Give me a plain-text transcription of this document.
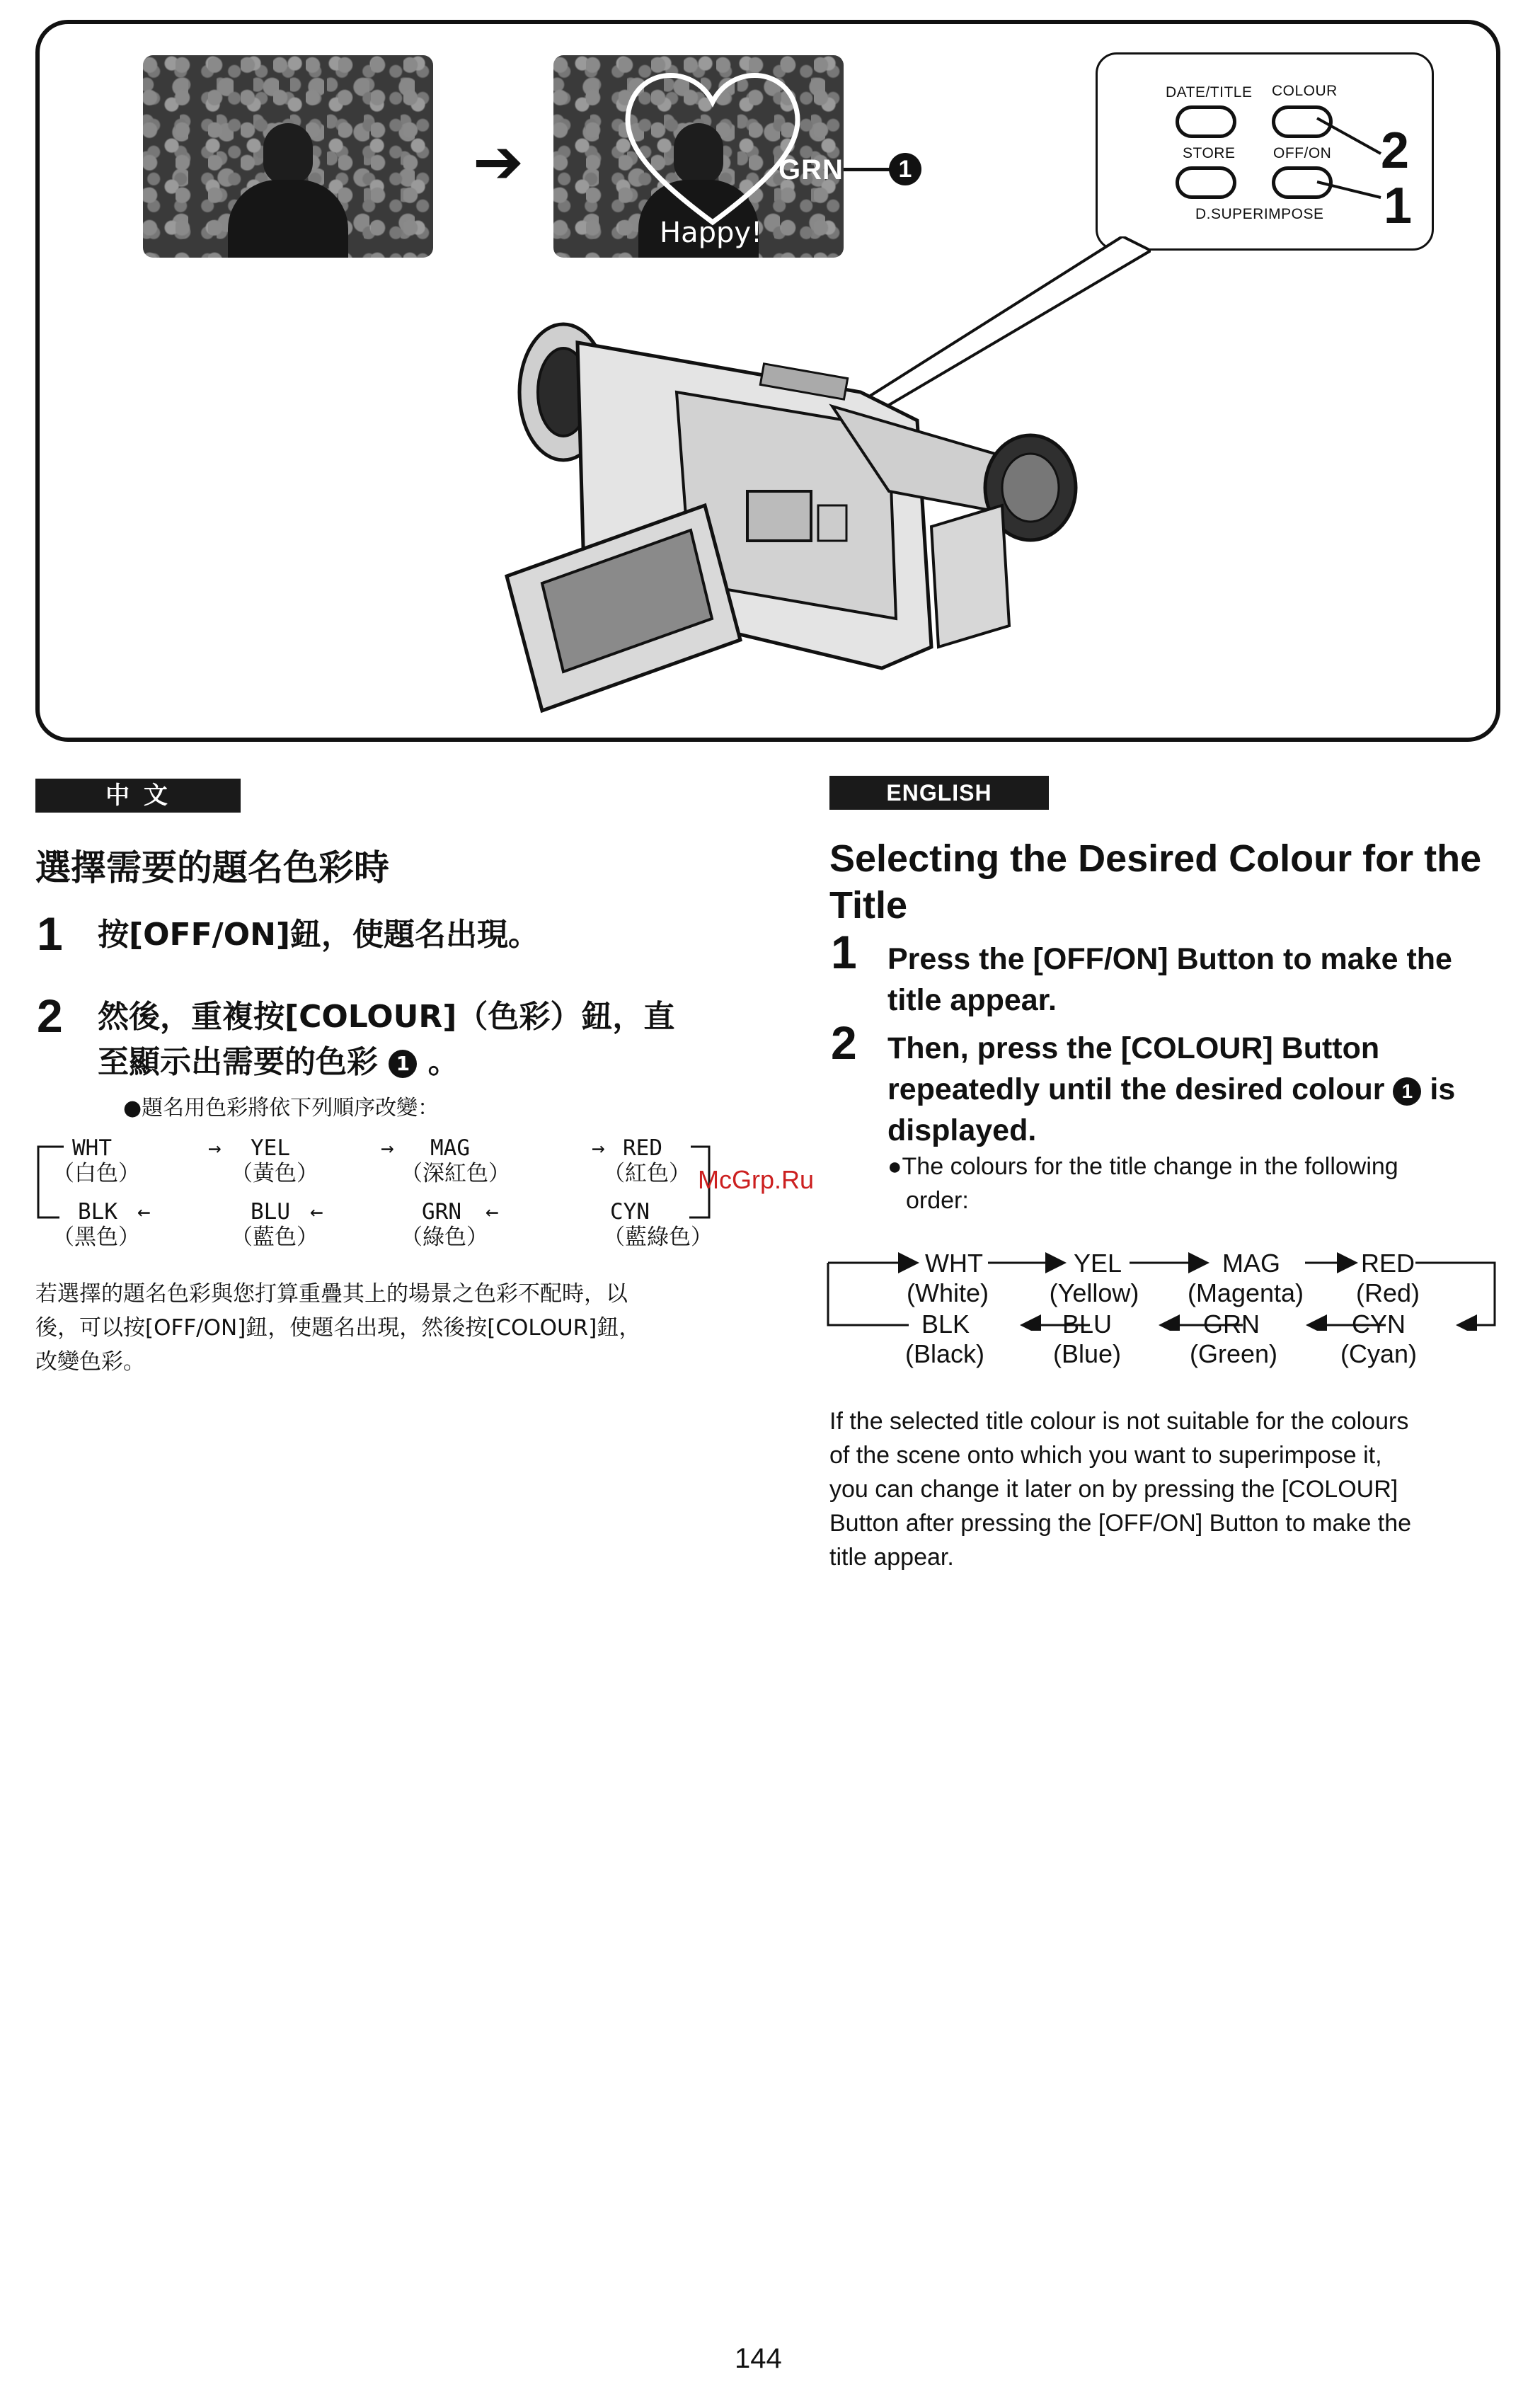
➔	GRN
Happy!
1
DATE/TITLE COLOUR
STORE	OFF/ON
D.SUPERIMPOSE
2
1
中 文
選擇需要的題名色彩時
1 按[OFF/ON]鈕，使題名出現。
2 然後，重複按[COLOUR]（色彩）鈕，直
至顯示出需要的色彩 1 。
●題名用色彩將依下列順序改變：
WHT	→ YEL	→ MAG	→ RED
（白色）	（黃色）	（深紅色）	（紅色）
BLK ←	BLU ←	GRN ←	CYN
（黑色）	（藍色）	（綠色）	（藍綠色）
若選擇的題名色彩與您打算重疊其上的場景之色彩不配時，以
後，可以按[OFF/ON]鈕，使題名出現，然後按[COLOUR]鈕，
改變色彩。
McGrp.Ru
ENGLISH
Selecting the Desired Colour for the
Title
1 Press the [OFF/ON] Button to make the
title appear.
2 Then, press the [COLOUR] Button
repeatedly until the desired colour 1 is
displayed.
●The colours for the title change in the following
order:
WHT	YEL	MAG	RED
(White)	(Yellow)	(Magenta)	(Red)
BLK	BLU	GRN	CYN
(Black)	(Blue)	(Green)	(Cyan)
If the selected title colour is not suitable for the colours
of the scene onto which you want to superimpose it,
you can change it later on by pressing the [COLOUR]
Button after pressing the [OFF/ON] Button to make the
title appear.
144
